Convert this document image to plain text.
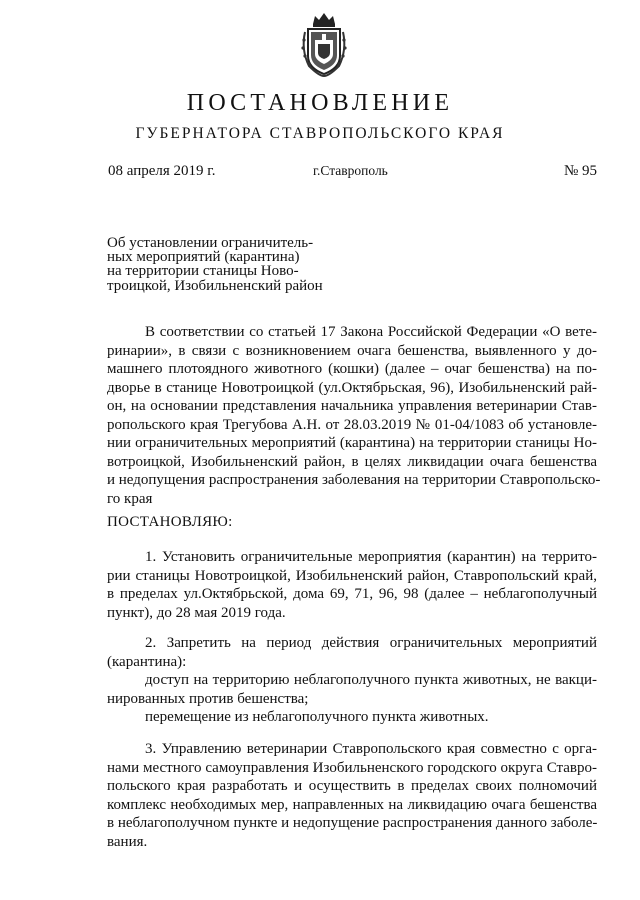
ПОСТАНОВЛЕНИЕ
ГУБЕРНАТОРА СТАВРОПОЛЬСКОГО КРАЯ
08 апреля 2019 г.	г.Ставрополь	№ 95
Об установлении ограничитель-
ных мероприятий (карантина)
на территории станицы Ново-
троицкой, Изобильненский район
В соответствии со статьей 17 Закона Российской Федерации «О вете-
ринарии», в связи с возникновением очага бешенства, выявленного у до-
машнего плотоядного животного (кошки) (далее – очаг бешенства) на по-
дворье в станице Новотроицкой (ул.Октябрьская, 96), Изобильненский рай-
он, на основании представления начальника управления ветеринарии Став-
ропольского края Трегубова А.Н. от 28.03.2019 № 01-04/1083 об установле-
нии ограничительных мероприятий (карантина) на территории станицы Но-
вотроицкой, Изобильненский район, в целях ликвидации очага бешенства
и недопущения распространения заболевания на территории Ставропольско-
го края
ПОСТАНОВЛЯЮ:
1. Установить ограничительные мероприятия (карантин) на террито-
рии станицы Новотроицкой, Изобильненский район, Ставропольский край,
в пределах ул.Октябрьской, дома 69, 71, 96, 98 (далее – неблагополучный
пункт), до 28 мая 2019 года.
2. Запретить на период действия ограничительных мероприятий
(карантина):
доступ на территорию неблагополучного пункта животных, не вакци-
нированных против бешенства;
перемещение из неблагополучного пункта животных.
3. Управлению ветеринарии Ставропольского края совместно с орга-
нами местного самоуправления Изобильненского городского округа Ставро-
польского края разработать и осуществить в пределах своих полномочий
комплекс необходимых мер, направленных на ликвидацию очага бешенства
в неблагополучном пункте и недопущение распространения данного заболе-
вания.
